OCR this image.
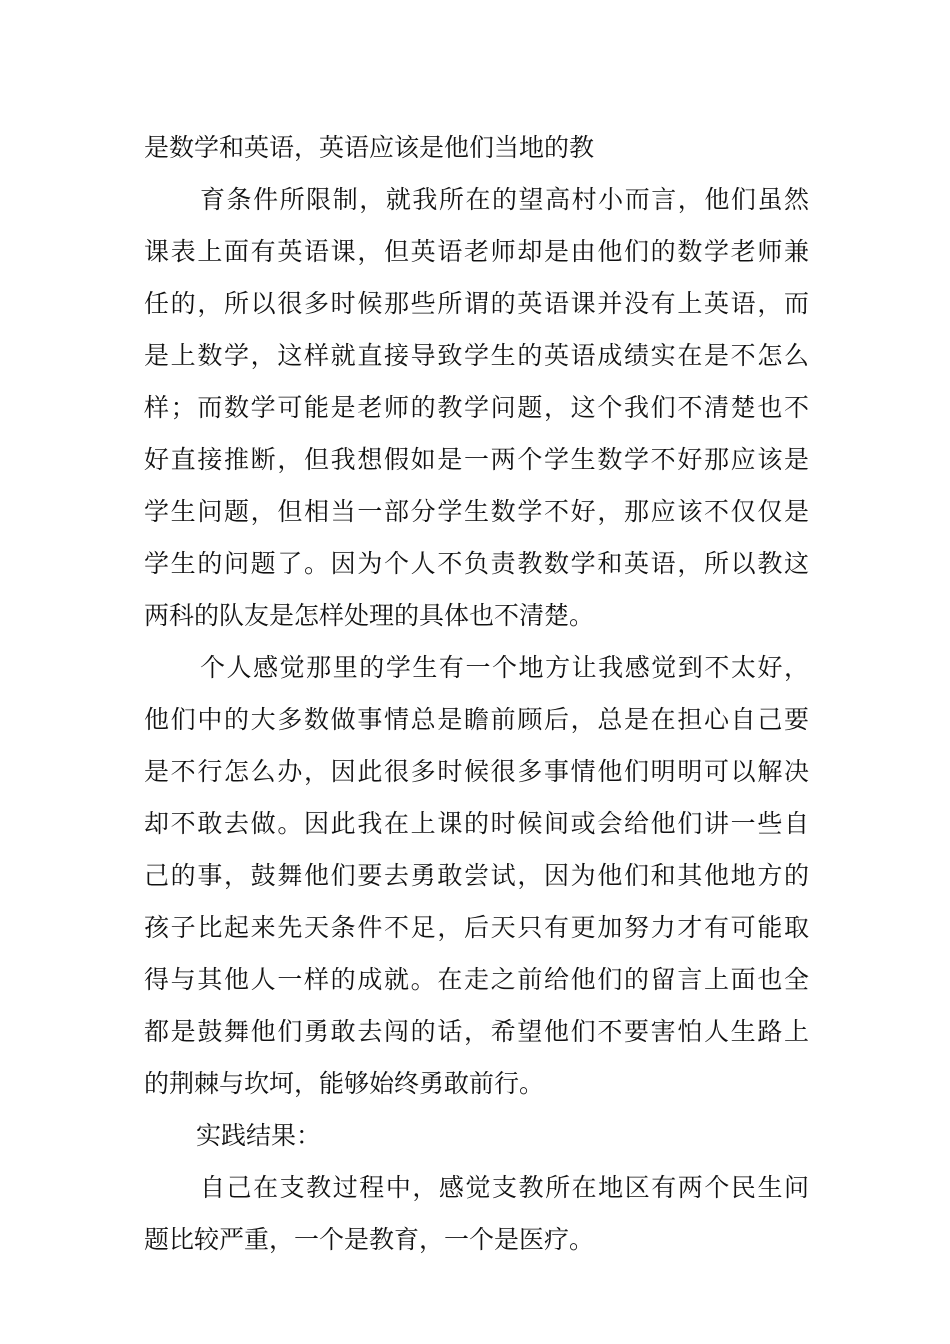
是数学和英语，英语应该是他们当地的教
育条件所限制，就我所在的望高村小而言，他们虽然
课表上面有英语课，但英语老师却是由他们的数学老师兼
任的，所以很多时候那些所谓的英语课并没有上英语，而
是上数学，这样就直接导致学生的英语成绩实在是不怎么
样；而数学可能是老师的教学问题，这个我们不清楚也不
好直接推断，但我想假如是一两个学生数学不好那应该是
学生问题，但相当一部分学生数学不好，那应该不仅仅是
学生的问题了。因为个人不负责教数学和英语，所以教这
两科的队友是怎样处理的具体也不清楚。
个人感觉那里的学生有一个地方让我感觉到不太好，
他们中的大多数做事情总是瞻前顾后，总是在担心自己要
是不行怎么办，因此很多时候很多事情他们明明可以解决
却不敢去做。因此我在上课的时候间或会给他们讲一些自
己的事，鼓舞他们要去勇敢尝试，因为他们和其他地方的
孩子比起来先天条件不足，后天只有更加努力才有可能取
得与其他人一样的成就。在走之前给他们的留言上面也全
都是鼓舞他们勇敢去闯的话，希望他们不要害怕人生路上
的荆棘与坎坷，能够始终勇敢前行。
实践结果：
自己在支教过程中，感觉支教所在地区有两个民生问
题比较严重，一个是教育，一个是医疗。
